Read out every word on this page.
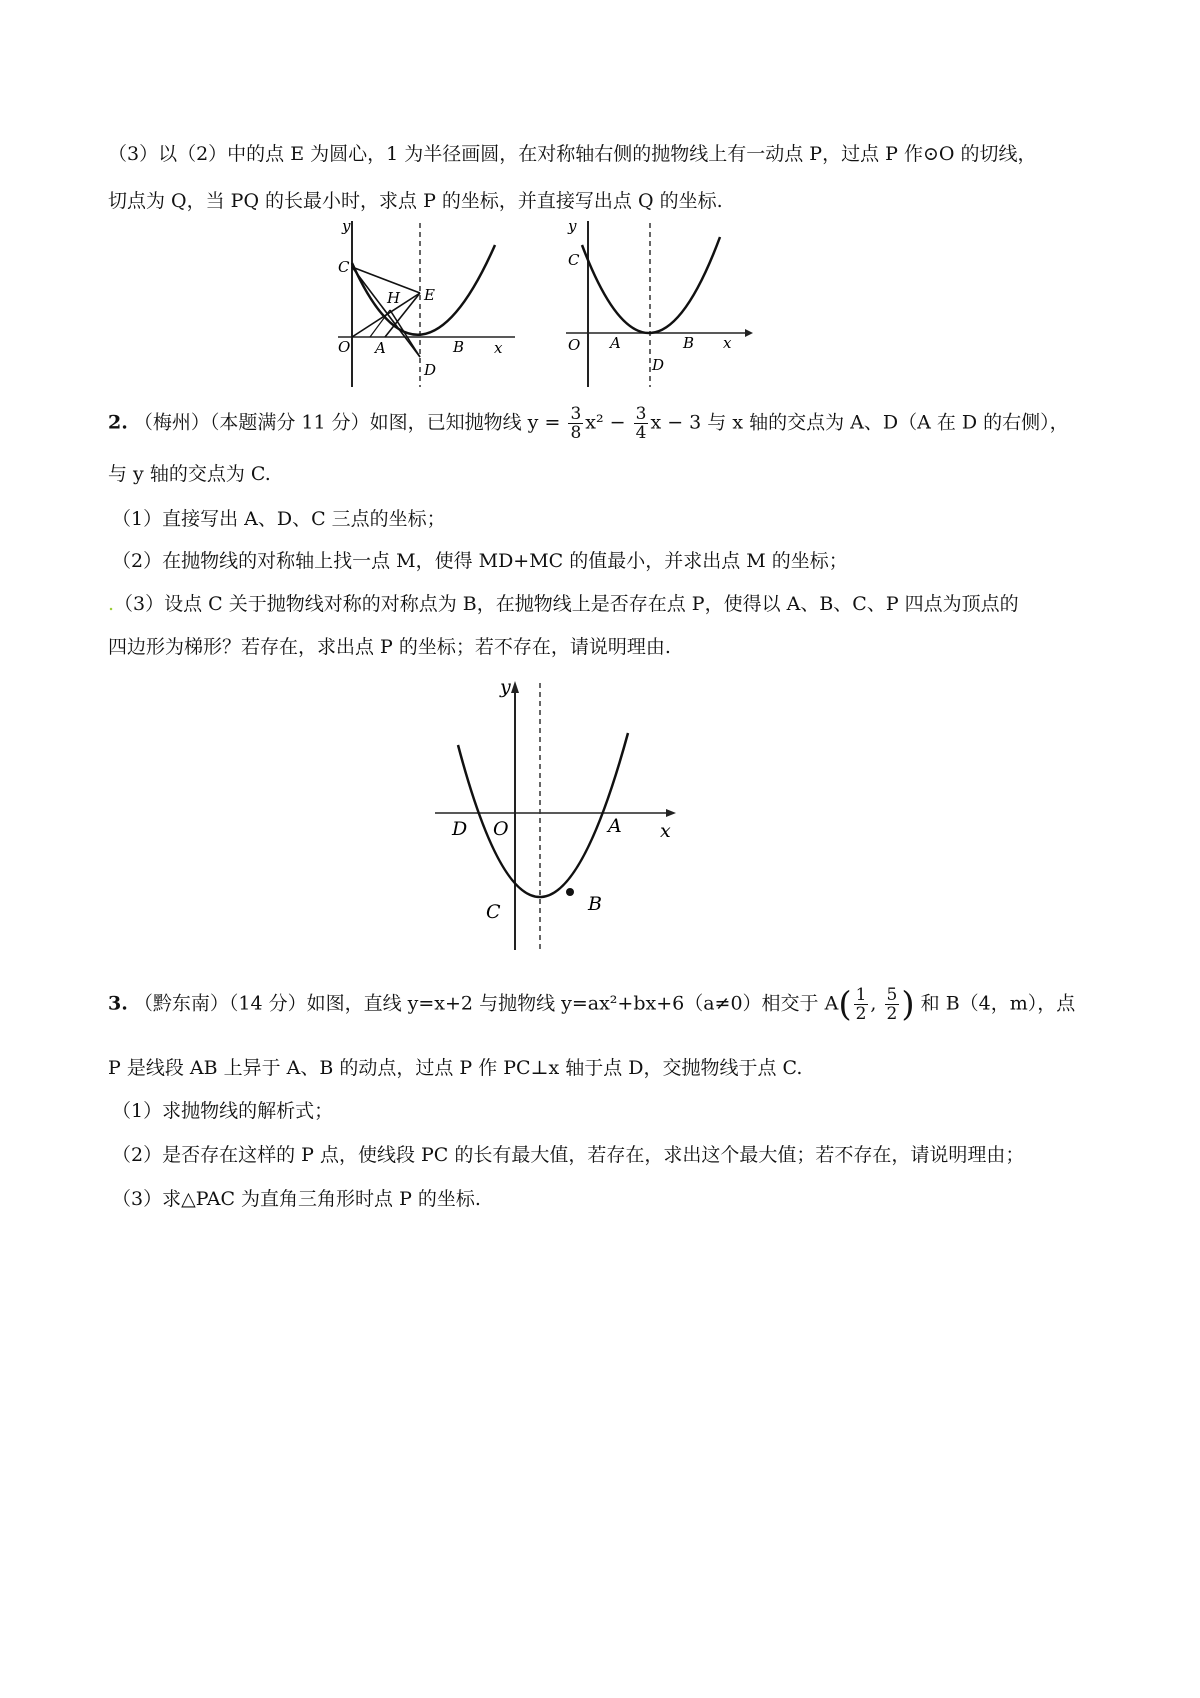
（3）以（2）中的点 E 为圆心，1 为半径画圆，在对称轴右侧的抛物线上有一动点 P，过点 P 作⊙O 的切线，
切点为 Q，当 PQ 的长最小时，求点 P 的坐标，并直接写出点 Q 的坐标.
y
C
H E
O A	B x
D
y
C
O A	B x
D
2. （梅州）（本题满分 11 分）如图，已知抛物线 $y = \frac{3}{8} x^2 - \frac{3}{4}$ x − 3 与 x 轴的交点为 A、D（A 在 D 的右侧），
与 y 轴的交点为 C.
（1）直接写出 A、D、C 三点的坐标；
（2）在抛物线的对称轴上找一点 M，使得 MD+MC 的值最小，并求出点 M 的坐标；
.（3）设点 C 关于抛物线对称的对称点为 B，在抛物线上是否存在点 P，使得以 A、B、C、P 四点为顶点的
四边形为梯形？若存在，求出点 P 的坐标；若不存在，请说明理由.
y
D O	A x
C	B
3. （黔东南）（14 分）如图，直线 y=x+2 与抛物线 y=ax²+bx+6（a≠0）相交于 $A( \frac{1}{2}$ , $\frac{5}{2}$ ) 和 B（4，m），点
P 是线段 AB 上异于 A、B 的动点，过点 P 作 PC⊥x 轴于点 D，交抛物线于点 C.
（1）求抛物线的解析式；
（2）是否存在这样的 P 点，使线段 PC 的长有最大值，若存在，求出这个最大值；若不存在，请说明理由；
（3）求△PAC 为直角三角形时点 P 的坐标.
